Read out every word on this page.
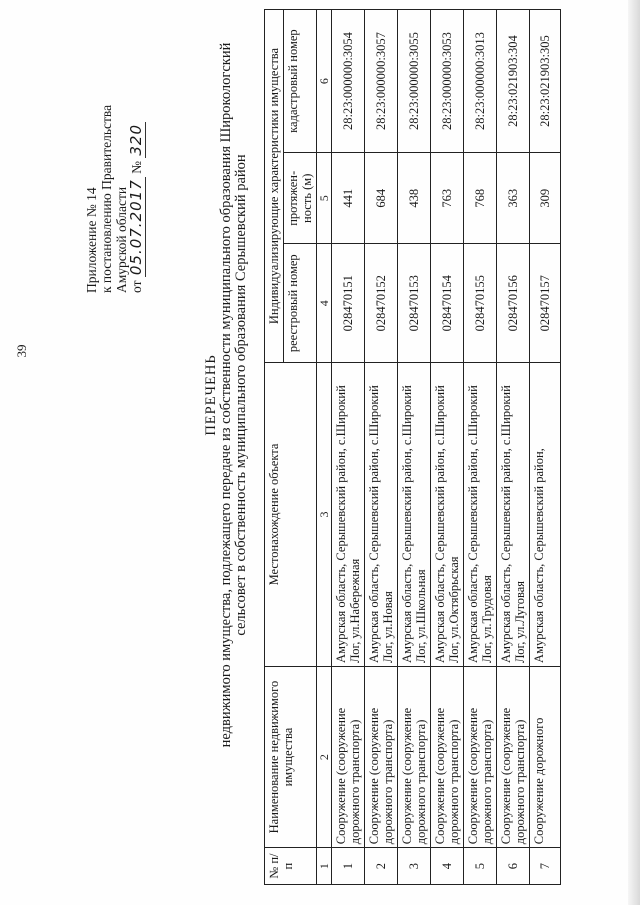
39
Приложение № 14 к постановлению Правительства Амурской области от 05.07.2017 № 320
ПЕРЕЧЕНЬ недвижимого имущества, подлежащего передаче из собственности муниципального образования Широкологский сельсовет в собственность муниципального образования Серышевский район
№ п/п	Наименование недвижимого имущества	Местонахождение объекта	Индивидуализирующие характеристики имущества		
			реестровый номер	протяжен-ность (м)	кадастровый номер
1	2	3	4	5	6
1	Сооружение (сооружение дорожного транспорта)	Амурская область, Серышевский район, с.Широкий Лог, ул.Набережная	028470151	441	28:23:000000:3054
2	Сооружение (сооружение дорожного транспорта)	Амурская область, Серышевский район, с.Широкий Лог, ул.Новая	028470152	684	28:23:000000:3057
3	Сооружение (сооружение дорожного транспорта)	Амурская область, Серышевский район, с.Широкий Лог, ул.Школьная	028470153	438	28:23:000000:3055
4	Сооружение (сооружение дорожного транспорта)	Амурская область, Серышевский район, с.Широкий Лог, ул.Октябрьская	028470154	763	28:23:000000:3053
5	Сооружение (сооружение дорожного транспорта)	Амурская область, Серышевский район, с.Широкий Лог, ул.Трудовая	028470155	768	28:23:000000:3013
6	Сооружение (сооружение дорожного транспорта)	Амурская область, Серышевский район, с.Широкий Лог, ул.Луговая	028470156	363	28:23:021903:304
7	Сооружение дорожного	Амурская область, Серышевский район,	028470157	309	28:23:021903:305
